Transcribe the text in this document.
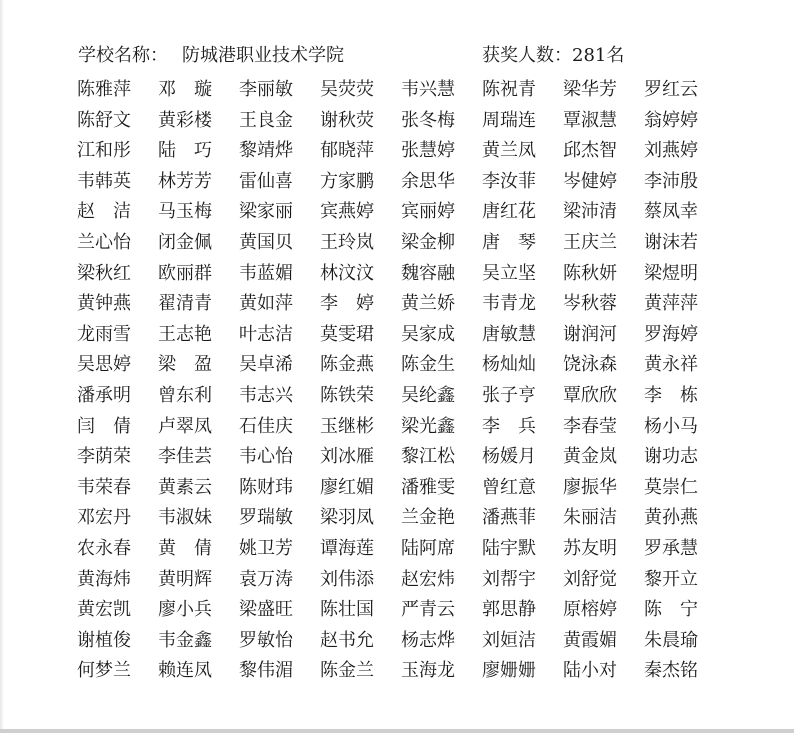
学校名称： 防城港职业技术学院	获奖人数： 281名
陈雅萍	邓　璇 李丽敏	吴荧荧	韦兴慧	陈祝青	梁华芳	罗红云
陈舒文	黄彩楼	王良金	谢秋荧	张冬梅	周瑞连	覃淑慧	翁婷婷
江和彤	陆　巧 黎靖烨	郁晓萍	张慧婷	黄兰凤	邱杰智	刘燕婷
韦韩英	林芳芳	雷仙喜	方家鹏	余思华	李汝菲	岑健婷	李沛殷
赵　洁 马玉梅	梁家丽	宾燕婷	宾丽婷	唐红花	梁沛清	蔡凤幸
兰心怡	闭金佩	黄国贝	王玲岚	梁金柳	唐　琴 王庆兰	谢沫若
梁秋红	欧丽群	韦蓝媚	林汶汶	魏容融	吴立坚	陈秋妍	梁煜明
黄钟燕	翟清青	黄如萍	李　婷 黄兰娇	韦青龙	岑秋蓉	黄萍萍
龙雨雪	王志艳	叶志洁	莫雯珺	吴家成	唐敏慧	谢润河	罗海婷
吴思婷	梁　盈 吴卓浠	陈金燕	陈金生	杨灿灿	饶泳森	黄永祥
潘承明	曾东利	韦志兴	陈铁荣	吴纶鑫	张子亨	覃欣欣	李　栋
闫　倩 卢翠凤	石佳庆	玉继彬	梁光鑫	李　兵 李春莹	杨小马
李荫荣	李佳芸	韦心怡	刘冰雁	黎江松	杨媛月	黄金岚	谢功志
韦荣春	黄素云	陈财玮	廖红媚	潘雅雯	曾红意	廖振华	莫崇仁
邓宏丹	韦淑妹	罗瑞敏	梁羽凤	兰金艳	潘燕菲	朱丽洁	黄孙燕
农永春	黄　倩 姚卫芳	谭海莲	陆阿席	陆宇默	苏友明	罗承慧
黄海炜	黄明辉	袁万涛	刘伟添	赵宏炜	刘帮宇	刘舒觉	黎开立
黄宏凯	廖小兵	梁盛旺	陈壮国	严青云	郭思静	原榕婷	陈　宁
谢植俊	韦金鑫	罗敏怡	赵书允	杨志烨	刘姮洁	黄霞媚	朱晨瑜
何梦兰	赖连凤	黎伟湄	陈金兰	玉海龙	廖姗姗	陆小对	秦杰铭
